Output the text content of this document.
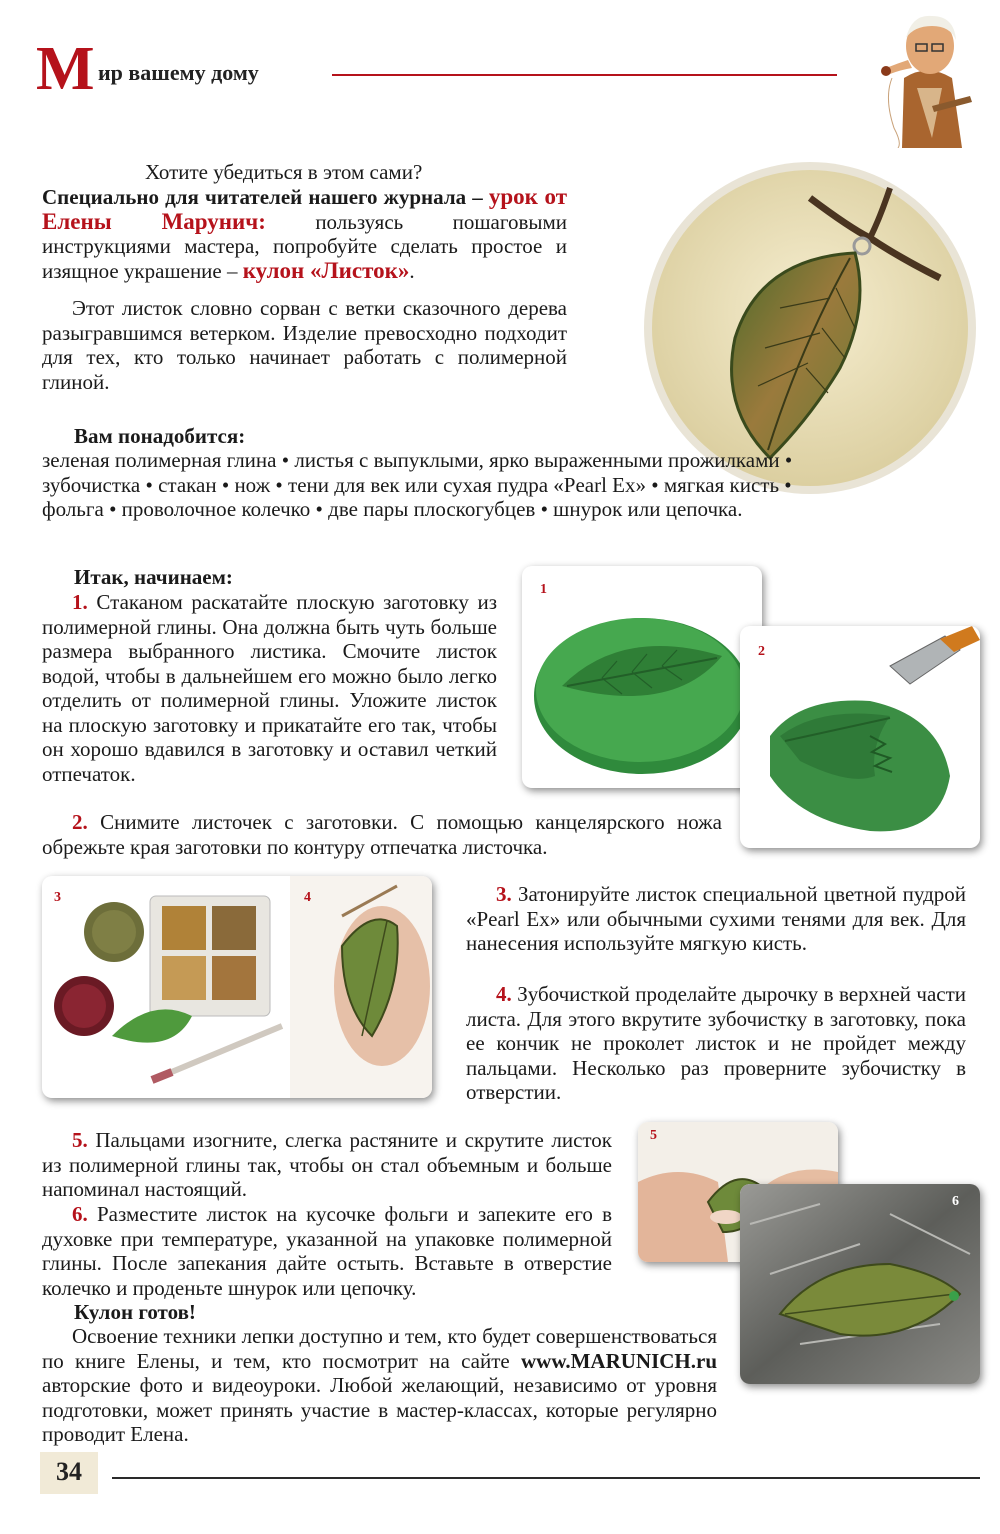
М ир вашему дому

Хотите убедиться в этом сами?

Специально для читателей нашего журнала – урок от Елены Марунич: пользуясь пошаговыми инструкциями мастера, попробуйте сделать простое и изящное украшение – кулон «Листок».

Этот листок словно сорван с ветки сказочного дерева разыгравшимся ветерком. Изделие превосходно подходит для тех, кто только начинает работать с полимерной глиной.

Вам понадобится:

зеленая полимерная глина • листья с выпуклыми, ярко выраженными прожилками • зубочистка • стакан • нож • тени для век или сухая пудра «Pearl Ex» • мягкая кисть • фольга • проволочное колечко • две пары плоскогубцев • шнурок или цепочка.

Итак, начинаем:

1. Стаканом раскатайте плоскую заготовку из полимерной глины. Она должна быть чуть больше размера выбранного листика. Смочите листок водой, чтобы в дальнейшем его можно было легко отделить от полимерной глины. Уложите листок на плоскую заготовку и прикатайте его так, чтобы он хорошо вдавился в заготовку и оставил четкий отпечаток.

2. Снимите листочек с заготовки. С помощью канцелярского ножа обрежьте края заготовки по контуру отпечатка листочка.

1
2
3	4	3. Затонируйте листок специальной цветной пудрой «Pearl Ex» или обычными сухими тенями для век. Для нанесения используйте мягкую кисть.

4. Зубочисткой проделайте дырочку в верхней части листа. Для этого вкрутите зубочистку в заготовку, пока ее кончик не проколет листок и не пройдет между пальцами. Несколько раз проверните зубочистку в отверстии.

5. Пальцами изогните, слегка растяните и скрутите листок из полимерной глины так, чтобы он стал объемным и больше напоминал настоящий.

6. Разместите листок на кусочке фольги и запеките его в духовке при температуре, указанной на упаковке полимерной глины. После запекания дайте остыть. Вставьте в отверстие колечко и проденьте шнурок или цепочку.

Кулон готов!

Освоение техники лепки доступно и тем, кто будет совершенствоваться по книге Елены, и тем, кто посмотрит на сайте www.MARUNICH.ru авторские фото и видеоуроки. Любой желающий, независимо от уровня подготовки, может принять участие в мастер-классах, которые регулярно проводит Елена.

5
6
34
